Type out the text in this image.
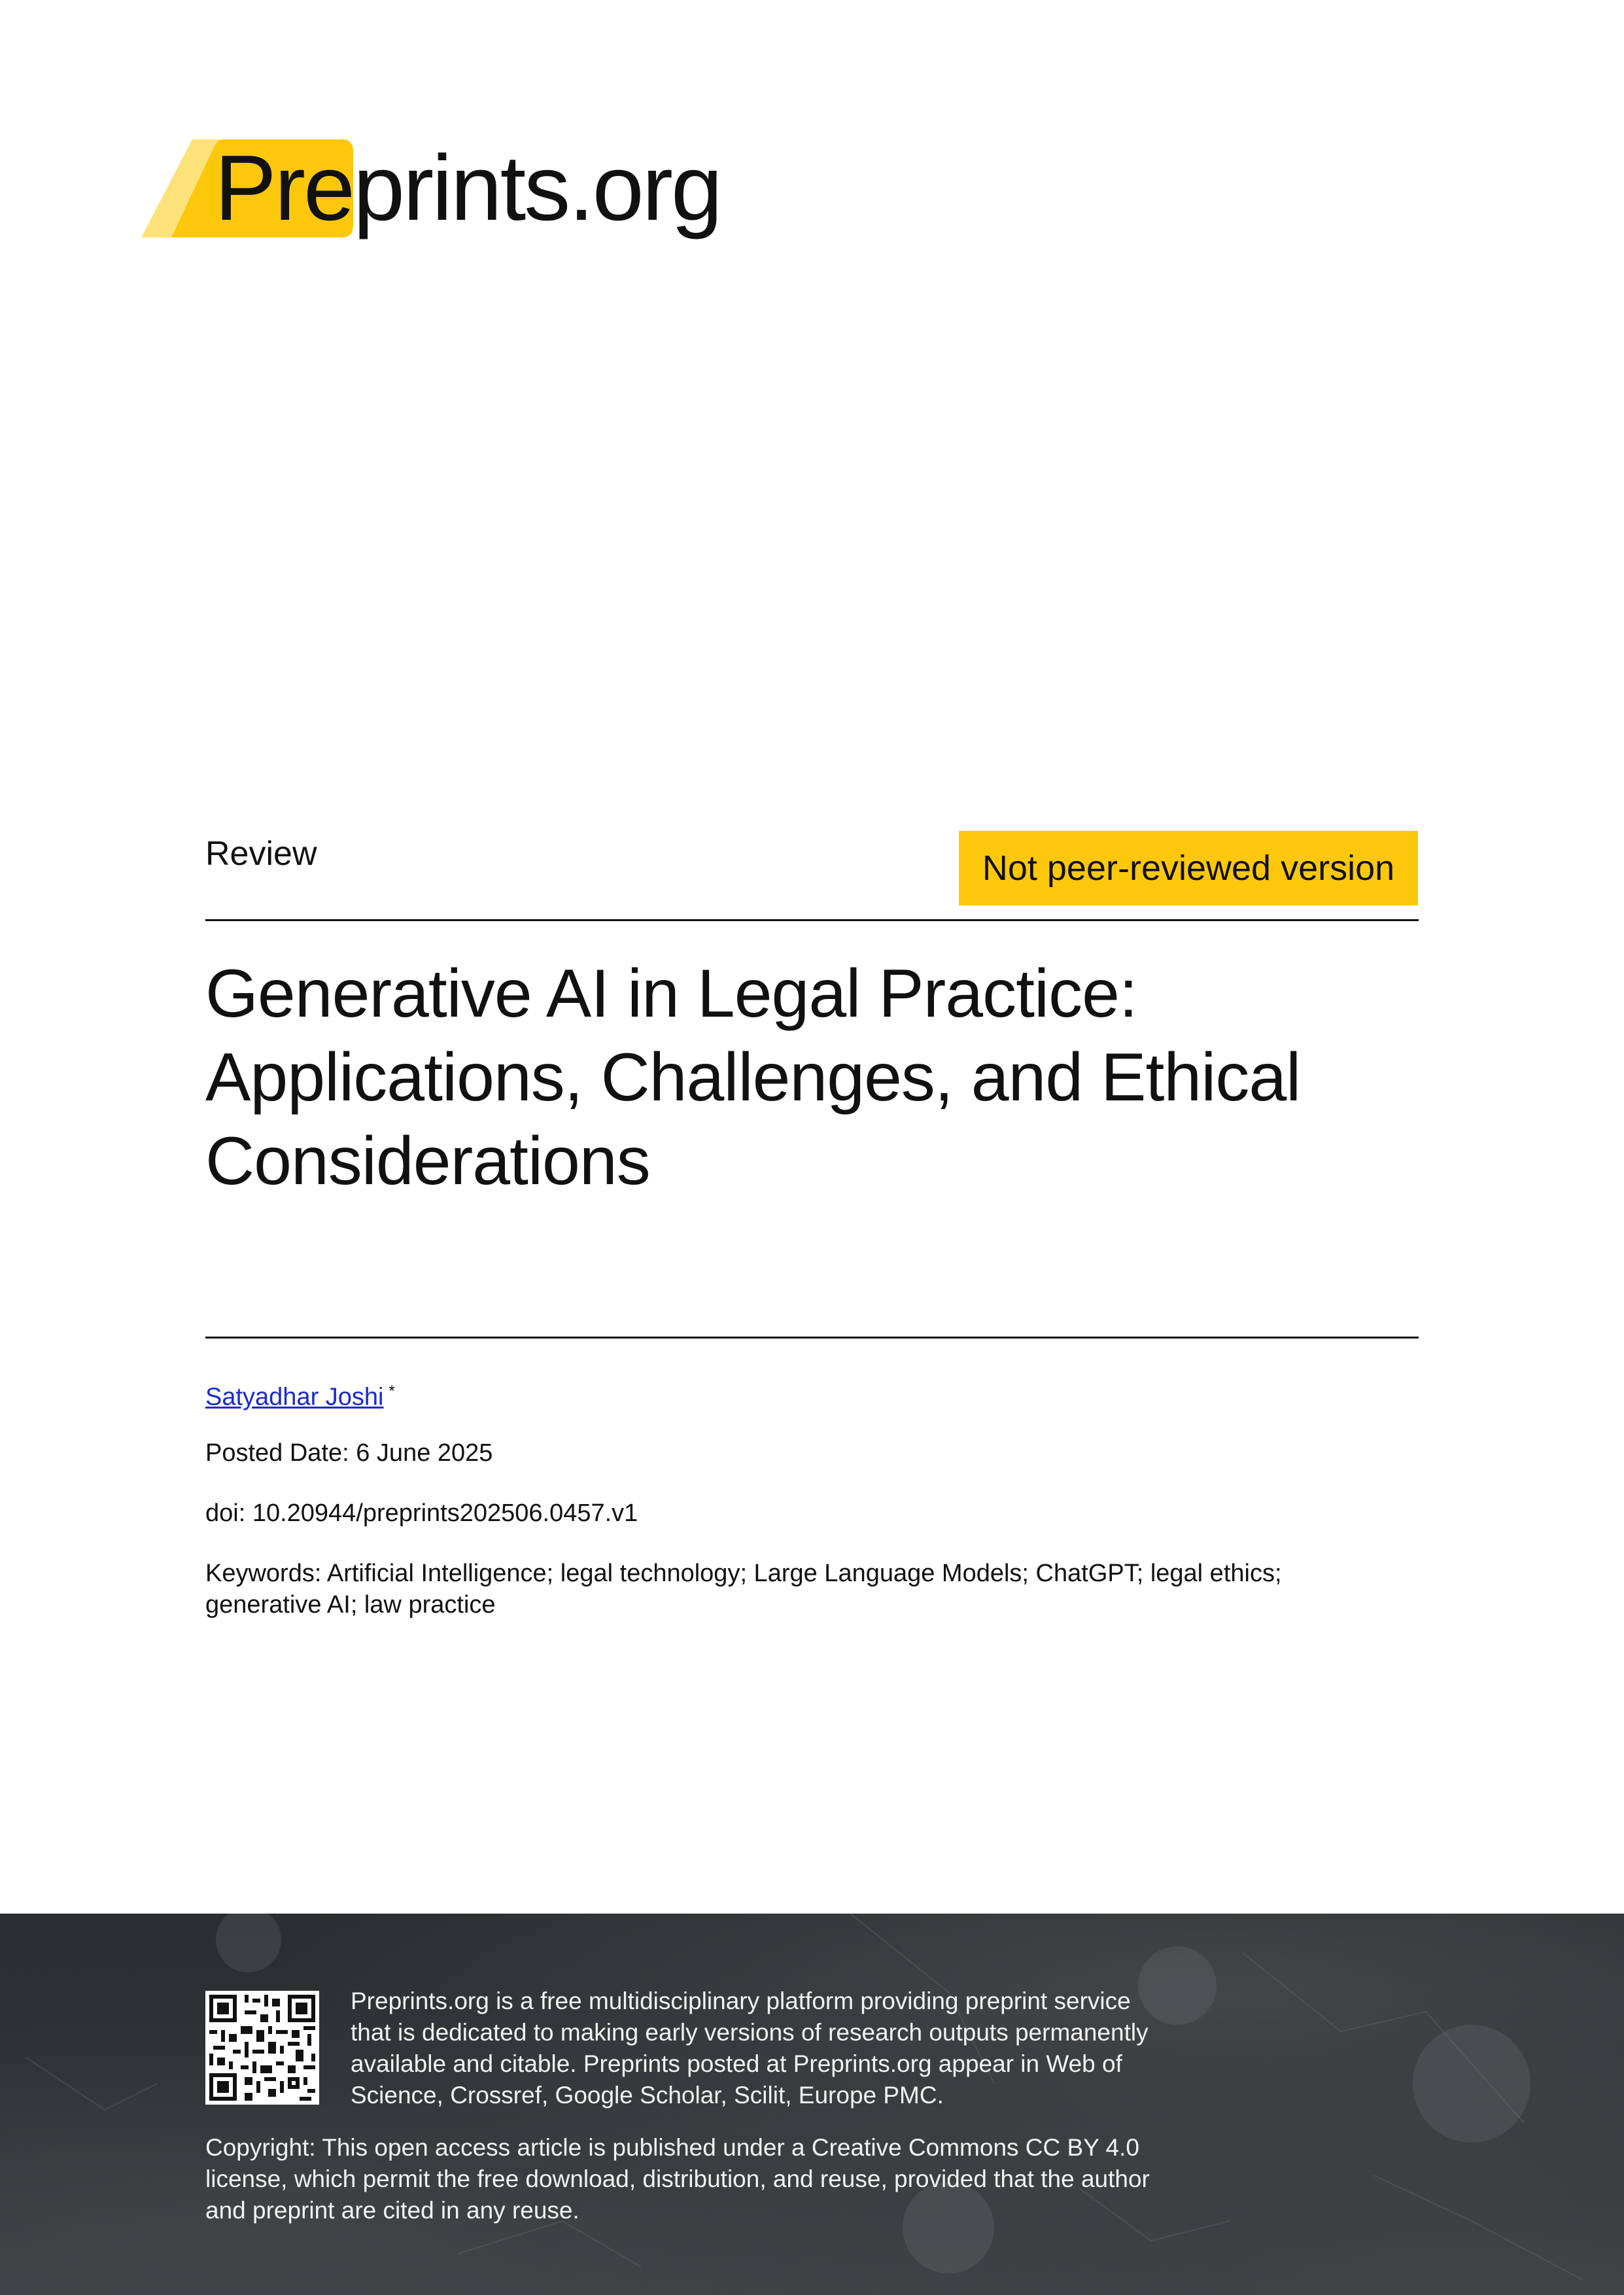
Pre prints.org
Review	Not peer-reviewed version
Generative AI in Legal Practice:
Applications, Challenges, and Ethical
Considerations
Satyadhar Joshi *
Posted Date: 6 June 2025
doi: 10.20944/preprints202506.0457.v1
Keywords: Artificial Intelligence; legal technology; Large Language Models; ChatGPT; legal ethics;
generative AI; law practice
Preprints.org is a free multidisciplinary platform providing preprint service
that is dedicated to making early versions of research outputs permanently
available and citable. Preprints posted at Preprints.org appear in Web of
Science, Crossref, Google Scholar, Scilit, Europe PMC.
Copyright: This open access article is published under a Creative Commons CC BY 4.0
license, which permit the free download, distribution, and reuse, provided that the author
and preprint are cited in any reuse.
